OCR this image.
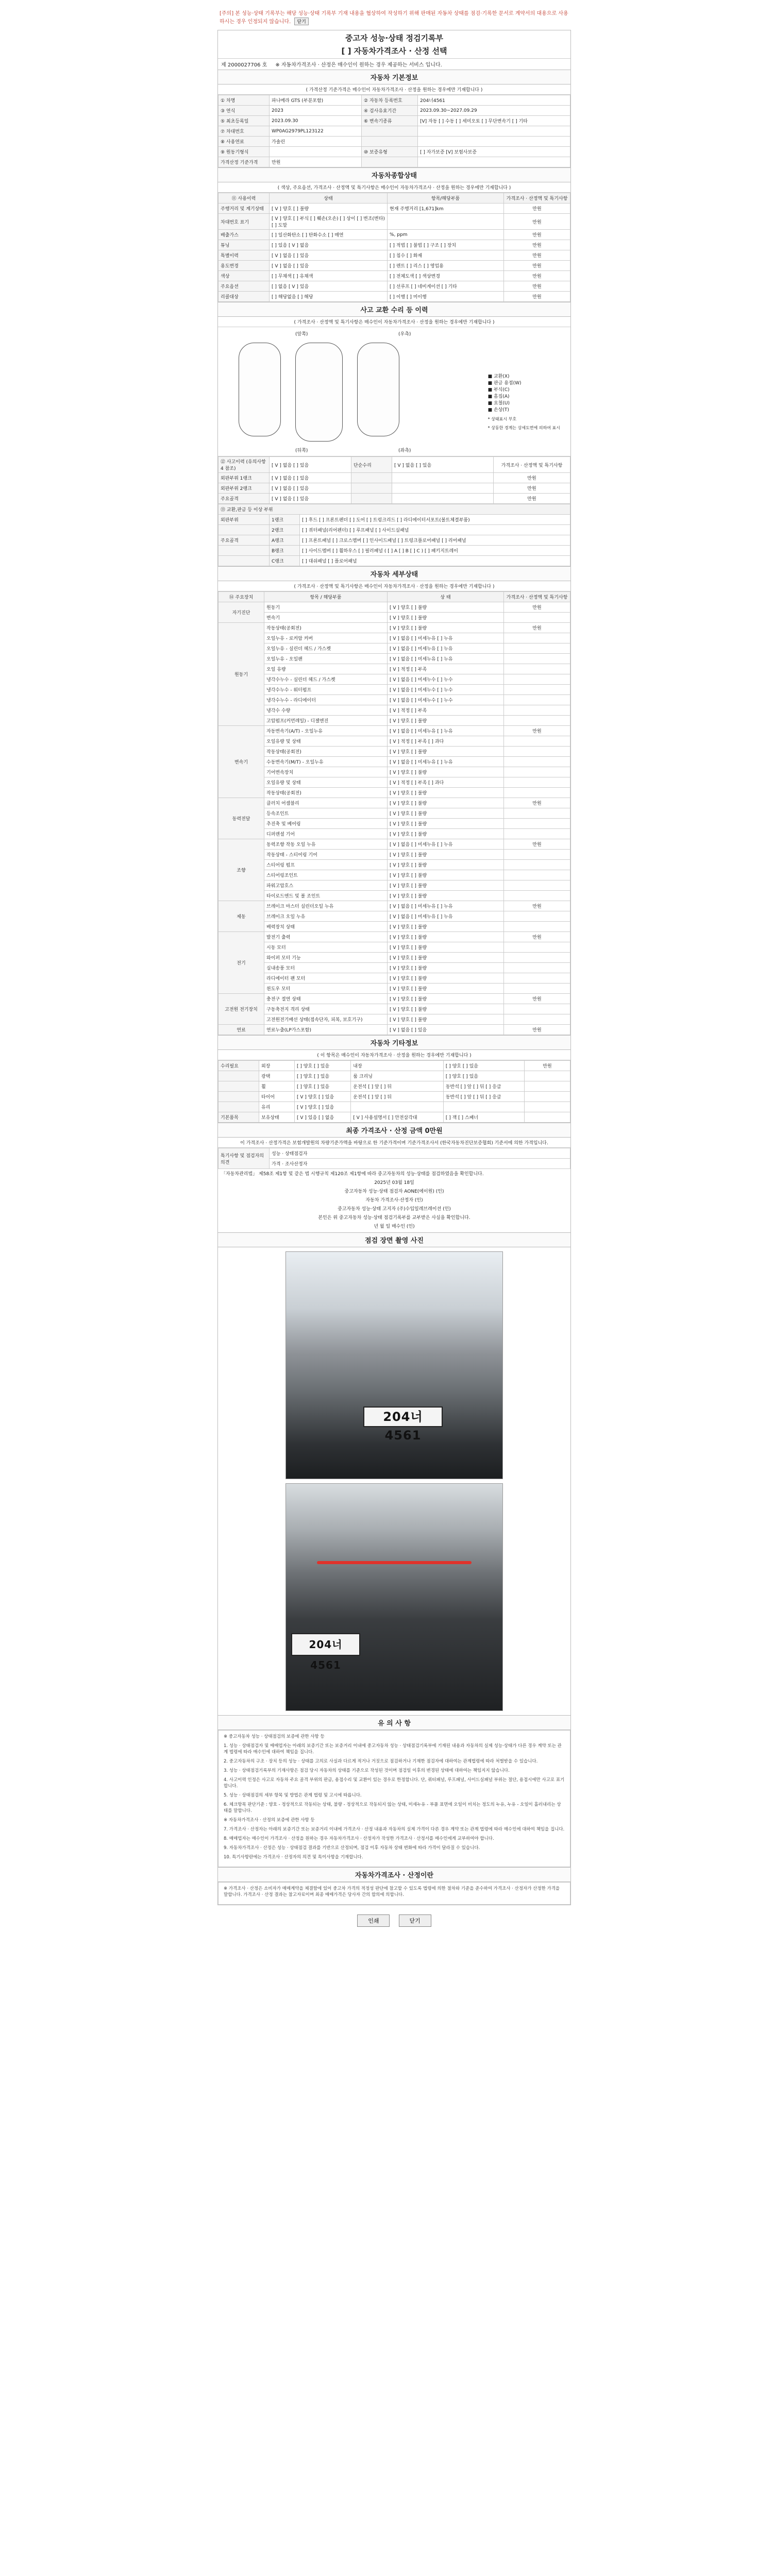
[주의] 본 성능·상태 기록부는 해당 성능·상태 기록부 기재 내용을 협상하여 작성하기 위해 판매된 자동차 상태를 점검·기록한 문서로 계약서의 대용으로 사용하시는 경우 인정되지 않습니다. 닫기
중고자 성능·상태 정검기록부
[ ] 자동차가격조사 · 산정 선택
제 2000027706 호 ※ 자동차가격조사 · 산정은 매수인이 원하는 경우 제공하는 서비스 입니다.
자동차 기본정보
( 가격산정 기준가격은 매수인이 자동차가격조사 · 산정을 원하는 경우에만 기재합니다 )
① 차명	파나메라 GTS (부분포함)	② 자동차 등록번호	204너4561
③ 연식	2023	④ 검사유효기간	2023.09.30~2027.09.29
⑤ 최초등록일	2023.09.30	⑥ 변속기종류	[V] 자동 [ ] 수동 [ ] 세미오토 [ ] 무단변속기 [ ] 기타
⑦ 차대번호	WP0AG2979PL123122		
⑧ 사용연료	가솔린		
⑨ 원동기형식		⑩ 보증유형	[ ] 자가보증 [V] 보험사보증
가격산정 기준가격	만원		
자동차종합상태
( 색상, 주요옵션, 가격조사 · 산정액 및 특기사항은 매수인이 자동차가격조사 · 산정을 원하는 경우에만 기재합니다 )
⑪ 사용이력	상태	항목/해당부품	가격조사 · 산정액 및 특기사항
주행거리 및 계기상태	[ V ] 양호 [ ] 불량	현재 주행거리 [1,671]km	만원
차대번호 표기	[ V ] 양호 [ ] 부식 [ ] 훼손(오손) [ ] 상이 [ ] 변조(변타) [ ] 도말		만원
배출가스	[ ] 일산화탄소 [ ] 탄화수소 [ ] 매연	%, ppm	만원
튜닝	[ ] 있음 [ V ] 없음	[ ] 적법 [ ] 불법 [ ] 구조 [ ] 장치	만원
특별이력	[ V ] 없음 [ ] 있음	[ ] 침수 [ ] 화재	만원
용도변경	[ V ] 없음 [ ] 있음	[ ] 렌트 [ ] 리스 [ ] 영업용	만원
색상	[ ] 무채색 [ ] 유채색	[ ] 전체도색 [ ] 색상변경	만원
주요옵션	[ ] 없음 [ V ] 있음	[ ] 선루프 [ ] 네비게이션 [ ] 기타	만원
리콜대상	[ ] 해당없음 [ ] 해당	[ ] 이행 [ ] 미이행	만원
사고 교환 수리 등 이력
( 가격조사 · 산정액 및 특기사항은 매수인이 자동차가격조사 · 산정을 원하는 경우에만 기재합니다 )
(앞쪽)	(우측)
(뒤쪽)	(좌측)
■ 교환(X)
■ 판금 용접(W)
■ 부식(C)
■ 흠집(A)
■ 요철(U)
■ 손상(T)
* 상태표시 부호
* 상동한 경계는 상세도면에 의하여 표시
⑫ 사고이력 (유의사항 4 참조)	[ V ] 없음 [ ] 있음	단순수리	[ V ] 없음 [ ] 있음	가격조사 · 산정액 및 특기사항
외판부위 1랭크	[ V ] 없음 [ ] 있음			만원
외판부위 2랭크	[ V ] 없음 [ ] 있음			만원
주요골격	[ V ] 없음 [ ] 있음			만원
⑬ 교환,판금 등 이상 부위		
외판부위	1랭크	[ ] 후드 [ ] 프론트펜더 [ ] 도어 [ ] 트렁크리드 [ ] 라디에이터서포트(볼트체결부품)
	2랭크	[ ] 쿼터패널(리어펜더) [ ] 루프패널 [ ] 사이드실패널
주요골격	A랭크	[ ] 프론트패널 [ ] 크로스멤버 [ ] 인사이드패널 [ ] 트렁크플로어패널 [ ] 리어패널
	B랭크	[ ] 사이드멤버 [ ] 휠하우스 [ ] 필러패널 ( [ ] A [ ] B [ ] C ) [ ] 패키지트레이
	C랭크	[ ] 대쉬패널 [ ] 플로어패널
자동차 세부상태
( 가격조사 · 산정액 및 특기사항은 매수인이 자동차가격조사 · 산정을 원하는 경우에만 기재합니다 )
⑭ 주요장치	항목 / 해당부품	상 태	가격조사 · 산정액 및 특기사항
자기진단	원동기	[ V ] 양호 [ ] 불량	만원
	변속기	[ V ] 양호 [ ] 불량	
원동기	작동상태(공회전)	[ V ] 양호 [ ] 불량	만원
	오일누유 - 로커암 커버	[ V ] 없음 [ ] 미세누유 [ ] 누유	
	오일누유 - 실린더 헤드 / 가스켓	[ V ] 없음 [ ] 미세누유 [ ] 누유	
	오일누유 - 오일팬	[ V ] 없음 [ ] 미세누유 [ ] 누유	
	오일 유량	[ V ] 적정 [ ] 부족	
	냉각수누수 - 실린더 헤드 / 가스켓	[ V ] 없음 [ ] 미세누수 [ ] 누수	
	냉각수누수 - 워터펌프	[ V ] 없음 [ ] 미세누수 [ ] 누수	
	냉각수누수 - 라디에이터	[ V ] 없음 [ ] 미세누수 [ ] 누수	
	냉각수 수량	[ V ] 적정 [ ] 부족	
	고압펌프(커먼레일) - 디젤엔진	[ V ] 양호 [ ] 불량	
변속기	자동변속기(A/T) - 오일누유	[ V ] 없음 [ ] 미세누유 [ ] 누유	만원
	오일유량 및 상태	[ V ] 적정 [ ] 부족 [ ] 과다	
	작동상태(공회전)	[ V ] 양호 [ ] 불량	
	수동변속기(M/T) - 오일누유	[ V ] 없음 [ ] 미세누유 [ ] 누유	
	기어변속장치	[ V ] 양호 [ ] 불량	
	오일유량 및 상태	[ V ] 적정 [ ] 부족 [ ] 과다	
	작동상태(공회전)	[ V ] 양호 [ ] 불량	
동력전달	클러치 어셈블리	[ V ] 양호 [ ] 불량	만원
	등속조인트	[ V ] 양호 [ ] 불량	
	추진축 및 베어링	[ V ] 양호 [ ] 불량	
	디퍼렌셜 기어	[ V ] 양호 [ ] 불량	
조향	동력조향 작동 오일 누유	[ V ] 없음 [ ] 미세누유 [ ] 누유	만원
	작동상태 - 스티어링 기어	[ V ] 양호 [ ] 불량	
	스티어링 펌프	[ V ] 양호 [ ] 불량	
	스티어링조인트	[ V ] 양호 [ ] 불량	
	파워고압호스	[ V ] 양호 [ ] 불량	
	타이로드엔드 및 볼 조인트	[ V ] 양호 [ ] 불량	
제동	브레이크 마스터 실린더오일 누유	[ V ] 없음 [ ] 미세누유 [ ] 누유	만원
	브레이크 오일 누유	[ V ] 없음 [ ] 미세누유 [ ] 누유	
	배력장치 상태	[ V ] 양호 [ ] 불량	
전기	발전기 출력	[ V ] 양호 [ ] 불량	만원
	시동 모터	[ V ] 양호 [ ] 불량	
	와이퍼 모터 기능	[ V ] 양호 [ ] 불량	
	실내송풍 모터	[ V ] 양호 [ ] 불량	
	라디에이터 팬 모터	[ V ] 양호 [ ] 불량	
	윈도우 모터	[ V ] 양호 [ ] 불량	
고전원 전기장치	충전구 절연 상태	[ V ] 양호 [ ] 불량	만원
	구동축전지 격리 상태	[ V ] 양호 [ ] 불량	
	고전원전기배선 상태(접속단자, 피복, 보호기구)	[ V ] 양호 [ ] 불량	
연료	연료누출(LP가스포함)	[ V ] 없음 [ ] 있음	만원
자동차 기타정보
( 이 항목은 매수인이 자동차가격조사 · 산정을 원하는 경우에만 기재합니다 )
수리필요	외장	[ ] 양호 [ ] 있음	내장	[ ] 양호 [ ] 있음	만원
	광택	[ ] 양호 [ ] 있음	룸 크리닝	[ ] 양호 [ ] 있음	
	휠	[ ] 양호 [ ] 있음	운전석 [ ] 앞 [ ] 뒤	동반석 [ ] 앞 [ ] 뒤 [ ] 응급	
	타이어	[ V ] 양호 [ ] 있음	운전석 [ ] 앞 [ ] 뒤	동반석 [ ] 앞 [ ] 뒤 [ ] 응급	
	유리	[ V ] 양호 [ ] 있음			
기본품목	보유상태	[ V ] 있음 [ ] 없음	[ V ] 사용설명서 [ ] 안전삼각대	[ ] 잭 [ ] 스패너	
최종 가격조사 · 산정 금액 0만원
이 가격조사 · 산정가격은 보험개발원의 차량기준가액을 바탕으로 한 기준가격이며 기준가격조사서 (한국자동차진단보증협회) 기준서에 의한 가격입니다.
특기사항 및 점검자의 의견	성능 · 상태점검자
가격 · 조사산정자

「자동차관리법」 제58조 제1항 및 같은 법 시행규칙 제120조 제1항에 따라 중고자동차의 성능·상태를 점검하였음을 확인합니다.

2025년 03월 18일

중고자동차 성능·상태 점검자 AONE(에이원) (인)

자동차 가격조사·산정자 (인)

중고자동차 성능·상태 고지자 (주)수입일레브레이션 (인)

본인은 위 중고자동차 성능·상태 점검기록부를 교부받은 사실을 확인합니다.

년 월 일 매수인 (인)

점검 장면 촬영 사진
204너 4561
204너 4561
유 의 사 항

※ 중고자동차 성능 · 상태점검의 보증에 관한 사항 등

1. 성능 · 상태점검자 및 매매업자는 아래의 보증기간 또는 보증거리 이내에 중고자동차 성능 · 상태점검기록부에 기재된 내용과 자동차의 실제 성능·상태가 다른 경우 계약 또는 관계 법령에 따라 매수인에 대하여 책임을 집니다.

2. 중고자동차의 구조 · 장치 등의 성능 · 상태를 고의로 사실과 다르게 적거나 거짓으로 점검하거나 기재한 점검자에 대하여는 관계법령에 따라 처벌받을 수 있습니다.

3. 성능 · 상태점검기록부의 기재사항은 점검 당시 자동차의 상태를 기준으로 작성된 것이며 점검일 이후의 변경된 상태에 대하여는 책임지지 않습니다.

4. 사고이력 인정은 사고로 자동차 주요 골격 부위의 판금, 용접수리 및 교환이 있는 경우로 한정합니다. 단, 쿼터패널, 루프패널, 사이드실패널 부위는 절단, 용접시에만 사고로 표기합니다.

5. 성능 · 상태점검의 세부 항목 및 방법은 관계 법령 및 고시에 따릅니다.

6. 체크항목 판단기준 : 양호 - 정상적으로 작동되는 상태, 불량 - 정상적으로 작동되지 않는 상태, 미세누유 - 부품 표면에 오일이 비치는 정도의 누유, 누유 - 오일이 흘러내리는 상태를 말합니다.

※ 자동차가격조사 · 산정의 보증에 관한 사항 등

7. 가격조사 · 산정자는 아래의 보증기간 또는 보증거리 이내에 가격조사 · 산정 내용과 자동차의 실제 가격이 다른 경우 계약 또는 관계 법령에 따라 매수인에 대하여 책임을 집니다.

8. 매매업자는 매수인이 가격조사 · 산정을 원하는 경우 자동차가격조사 · 산정자가 작성한 가격조사 · 산정서를 매수인에게 교부하여야 합니다.

9. 자동차가격조사 · 산정은 성능 · 상태점검 결과를 기반으로 산정되며, 점검 이후 자동차 상태 변화에 따라 가격이 달라질 수 있습니다.

10. 특기사항란에는 가격조사 · 산정자의 의견 및 특이사항을 기재합니다.

자동차가격조사 · 산정이란

※ 가격조사 · 산정은 소비자가 매매계약을 체결함에 있어 중고차 가격의 적정성 판단에 참고할 수 있도록 법령에 의한 절차와 기준을 준수하여 가격조사 · 산정자가 산정한 가격을 말합니다. 가격조사 · 산정 결과는 참고자료이며 최종 매매가격은 당사자 간의 합의에 의합니다.

인쇄	닫기
